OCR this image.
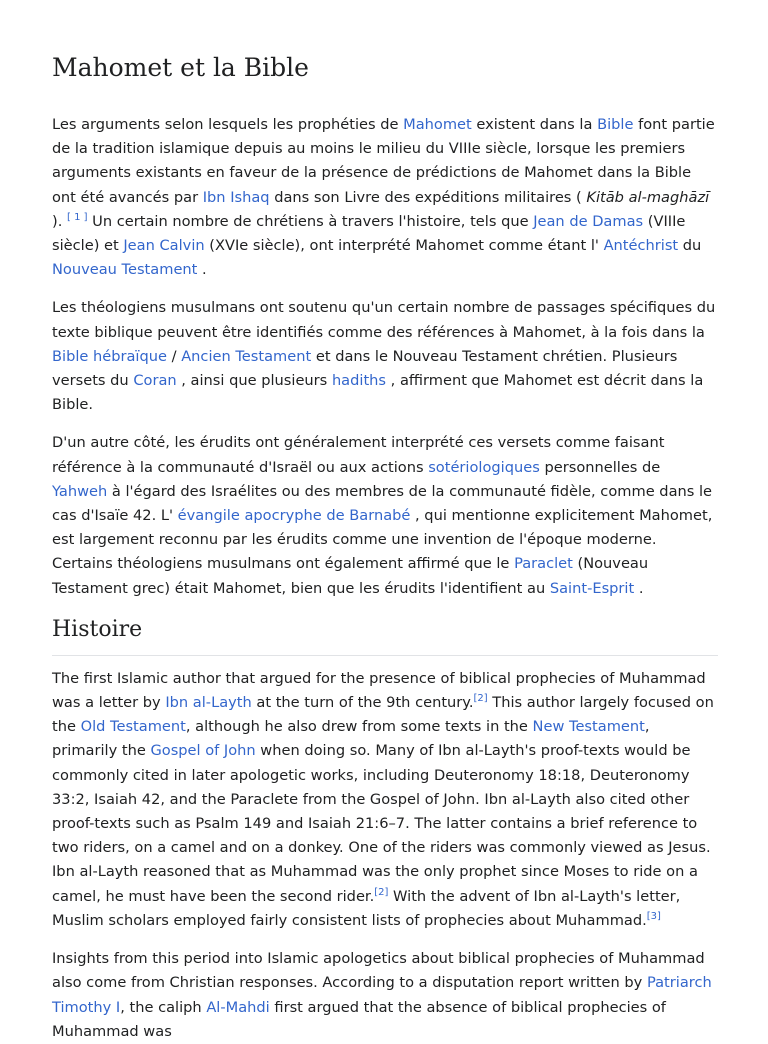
Mahomet et la Bible

Les arguments selon lesquels les prophéties de Mahomet existent dans la Bible font partie de la tradition islamique depuis au moins le milieu du VIIIe siècle, lorsque les premiers arguments existants en faveur de la présence de prédictions de Mahomet dans la Bible ont été avancés par Ibn Ishaq dans son Livre des expéditions militaires ( Kitāb al-maghāzī ). [ 1 ] Un certain nombre de chrétiens à travers l'histoire, tels que Jean de Damas (VIIIe siècle) et Jean Calvin (XVIe siècle), ont interprété Mahomet comme étant l' Antéchrist du Nouveau Testament .

Les théologiens musulmans ont soutenu qu'un certain nombre de passages spécifiques du texte biblique peuvent être identifiés comme des références à Mahomet, à la fois dans la Bible hébraïque / Ancien Testament et dans le Nouveau Testament chrétien. Plusieurs versets du Coran , ainsi que plusieurs hadiths , affirment que Mahomet est décrit dans la Bible.

D'un autre côté, les érudits ont généralement interprété ces versets comme faisant référence à la communauté d'Israël ou aux actions sotériologiques personnelles de Yahweh à l'égard des Israélites ou des membres de la communauté fidèle, comme dans le cas d'Isaïe 42. L' évangile apocryphe de Barnabé , qui mentionne explicitement Mahomet, est largement reconnu par les érudits comme une invention de l'époque moderne. Certains théologiens musulmans ont également affirmé que le Paraclet (Nouveau Testament grec) était Mahomet, bien que les érudits l'identifient au Saint-Esprit .

Histoire

The first Islamic author that argued for the presence of biblical prophecies of Muhammad was a letter by Ibn al-Layth at the turn of the 9th century.[2] This author largely focused on the Old Testament, although he also drew from some texts in the New Testament, primarily the Gospel of John when doing so. Many of Ibn al-Layth's proof-texts would be commonly cited in later apologetic works, including Deuteronomy 18:18, Deuteronomy 33:2, Isaiah 42, and the Paraclete from the Gospel of John. Ibn al-Layth also cited other proof-texts such as Psalm 149 and Isaiah 21:6–7. The latter contains a brief reference to two riders, on a camel and on a donkey. One of the riders was commonly viewed as Jesus. Ibn al-Layth reasoned that as Muhammad was the only prophet since Moses to ride on a camel, he must have been the second rider.[2] With the advent of Ibn al-Layth's letter, Muslim scholars employed fairly consistent lists of prophecies about Muhammad.[3]

Insights from this period into Islamic apologetics about biblical prophecies of Muhammad also come from Christian responses. According to a disputation report written by Patriarch Timothy I, the caliph Al-Mahdi first argued that the absence of biblical prophecies of Muhammad was
